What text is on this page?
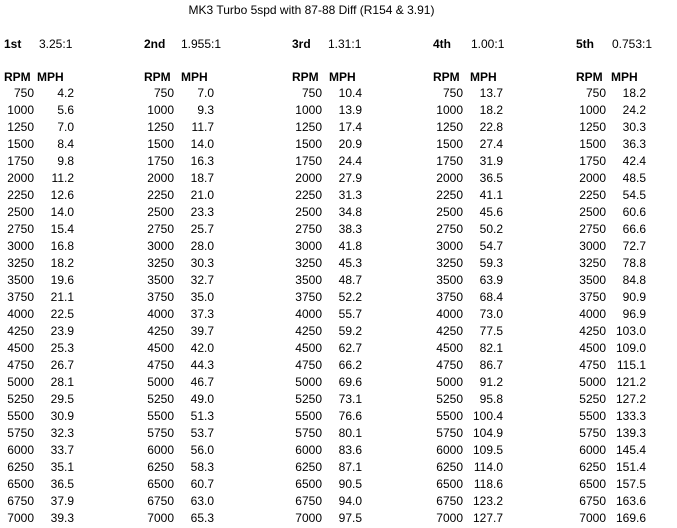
MK3 Turbo 5spd with 87-88 Diff (R154 & 3.91)
1st 3.25:1
RPM MPH
750 4.2
1000 5.6
1250 7.0
1500 8.4
1750 9.8
2000 11.2
2250 12.6
2500 14.0
2750 15.4
3000 16.8
3250 18.2
3500 19.6
3750 21.1
4000 22.5
4250 23.9
4500 25.3
4750 26.7
5000 28.1
5250 29.5
5500 30.9
5750 32.3
6000 33.7
6250 35.1
6500 36.5
6750 37.9
7000 39.3
2nd 1.955:1
RPM MPH
750 7.0
1000 9.3
1250 11.7
1500 14.0
1750 16.3
2000 18.7
2250 21.0
2500 23.3
2750 25.7
3000 28.0
3250 30.3
3500 32.7
3750 35.0
4000 37.3
4250 39.7
4500 42.0
4750 44.3
5000 46.7
5250 49.0
5500 51.3
5750 53.7
6000 56.0
6250 58.3
6500 60.7
6750 63.0
7000 65.3
3rd 1.31:1
RPM MPH
750 10.4
1000 13.9
1250 17.4
1500 20.9
1750 24.4
2000 27.9
2250 31.3
2500 34.8
2750 38.3
3000 41.8
3250 45.3
3500 48.7
3750 52.2
4000 55.7
4250 59.2
4500 62.7
4750 66.2
5000 69.6
5250 73.1
5500 76.6
5750 80.1
6000 83.6
6250 87.1
6500 90.5
6750 94.0
7000 97.5
4th 1.00:1
RPM MPH
750 13.7
1000 18.2
1250 22.8
1500 27.4
1750 31.9
2000 36.5
2250 41.1
2500 45.6
2750 50.2
3000 54.7
3250 59.3
3500 63.9
3750 68.4
4000 73.0
4250 77.5
4500 82.1
4750 86.7
5000 91.2
5250 95.8
5500 100.4
5750 104.9
6000 109.5
6250 114.0
6500 118.6
6750 123.2
7000 127.7
5th 0.753:1
RPM MPH
750 18.2
1000 24.2
1250 30.3
1500 36.3
1750 42.4
2000 48.5
2250 54.5
2500 60.6
2750 66.6
3000 72.7
3250 78.8
3500 84.8
3750 90.9
4000 96.9
4250 103.0
4500 109.0
4750 115.1
5000 121.2
5250 127.2
5500 133.3
5750 139.3
6000 145.4
6250 151.4
6500 157.5
6750 163.6
7000 169.6
